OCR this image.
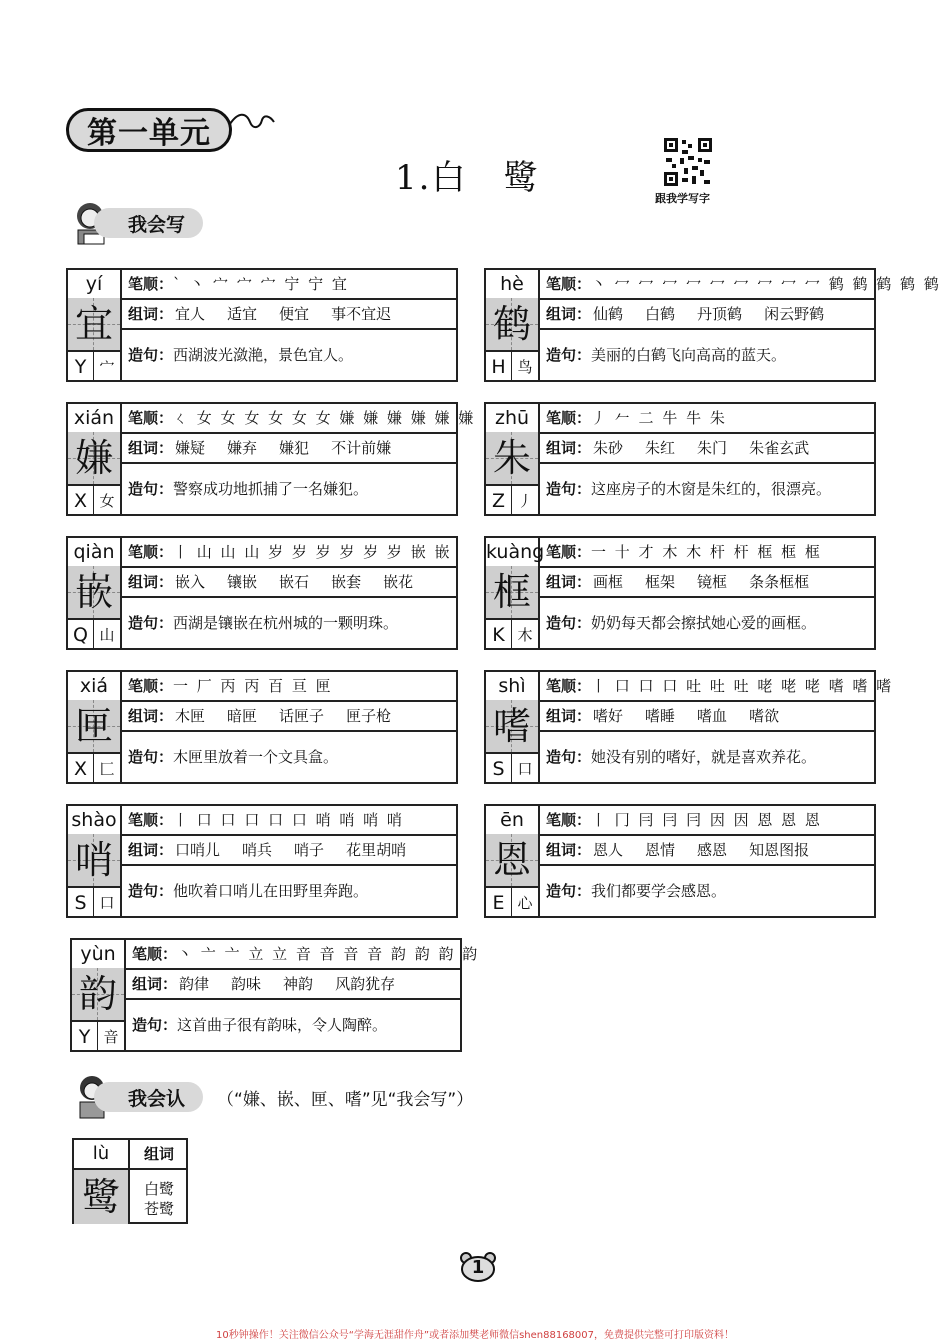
第一单元
1.白　鹭
跟我学写字
我会写
yí
宜
Y 宀
笔顺：` 丶 宀 宀 宀 宁 宁 宜
组词： 宜人 适宜 便宜 事不宜迟
造句：西湖波光潋滟，景色宜人。
hè
鹤
H 鸟
笔顺：丶 冖 冖 冖 冖 冖 冖 冖 冖 冖 鹤 鹤 鹤 鹤 鹤
组词： 仙鹤 白鹤 丹顶鹤 闲云野鹤
造句：美丽的白鹤飞向高高的蓝天。
xián
嫌
X 女
笔顺：ㄑ 女 女 女 女 女 女 嫌 嫌 嫌 嫌 嫌 嫌
组词： 嫌疑 嫌弃 嫌犯 不计前嫌
造句：警察成功地抓捕了一名嫌犯。
zhū
朱
Z 丿
笔顺：丿 𠂉 二 牛 牛 朱
组词： 朱砂 朱红 朱门 朱雀玄武
造句：这座房子的木窗是朱红的，很漂亮。
qiàn
嵌
Q 山
笔顺：丨 山 山 山 岁 岁 岁 岁 岁 岁 嵌 嵌
组词： 嵌入 镶嵌 嵌石 嵌套 嵌花
造句：西湖是镶嵌在杭州城的一颗明珠。
kuàng
框
K 木
笔顺：一 十 才 木 木 杆 杆 框 框 框
组词： 画框 框架 镜框 条条框框
造句：奶奶每天都会擦拭她心爱的画框。
xiá
匣
X 匚
笔顺：一 厂 丙 丙 百 亘 匣
组词： 木匣 暗匣 话匣子 匣子枪
造句：木匣里放着一个文具盒。
shì
嗜
S 口
笔顺：丨 口 口 口 吐 吐 吐 咾 咾 咾 嗜 嗜 嗜
组词： 嗜好 嗜睡 嗜血 嗜欲
造句：她没有别的嗜好，就是喜欢养花。
shào
哨
S 口
笔顺：丨 口 口 口 口 口 哨 哨 哨 哨
组词： 口哨儿 哨兵 哨子 花里胡哨
造句：他吹着口哨儿在田野里奔跑。
ēn
恩
E 心
笔顺：丨 冂 冃 冃 冃 因 因 恩 恩 恩
组词： 恩人 恩情 感恩 知恩图报
造句：我们都要学会感恩。
yùn
韵
Y 音
笔顺：丶 亠 亠 立 立 音 音 音 音 韵 韵 韵 韵
组词： 韵律 韵味 神韵 风韵犹存
造句：这首曲子很有韵味，令人陶醉。
我会认	（“嫌、嵌、匣、嗜”见“我会写”）
lù	组词
鹭	白鹭
苍鹭
1
10秒钟操作！关注微信公众号“学海无涯甜作舟”或者添加樊老师微信shen88168007，免费提供完整可打印版资料！
